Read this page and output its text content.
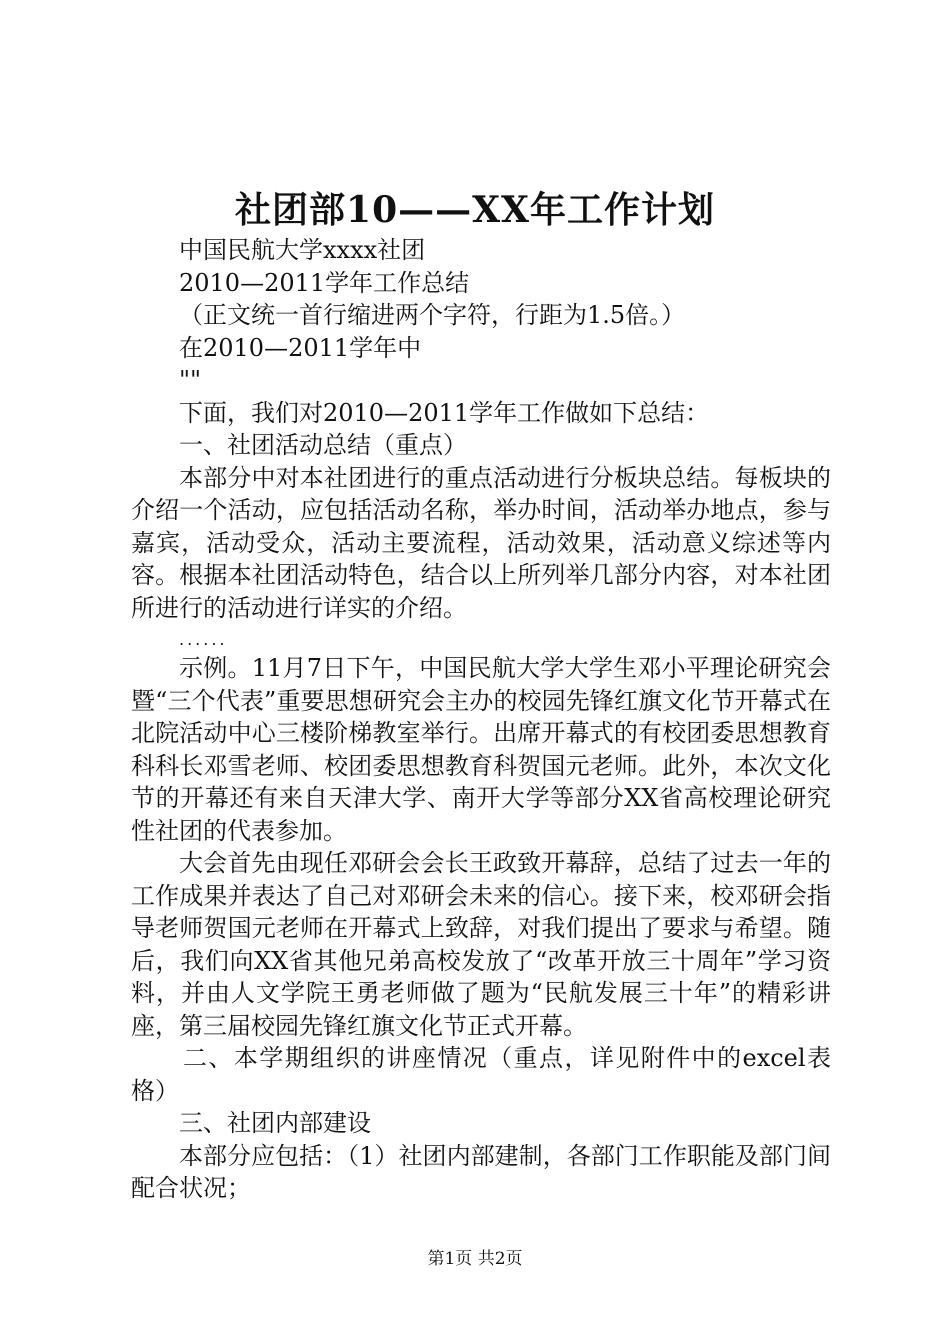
社团部10——XX年工作计划

中国民航大学xxxx社团

2010—2011学年工作总结

（正文统一首行缩进两个字符，行距为1.5倍。）

在2010—2011学年中

""

下面，我们对2010—2011学年工作做如下总结：

一、社团活动总结（重点）

本部分中对本社团进行的重点活动进行分板块总结。每板块的介绍一个活动，应包括活动名称，举办时间，活动举办地点，参与嘉宾，活动受众，活动主要流程，活动效果，活动意义综述等内容。根据本社团活动特色，结合以上所列举几部分内容，对本社团所进行的活动进行详实的介绍。

......

示例。11月7日下午，中国民航大学大学生邓小平理论研究会暨“三个代表”重要思想研究会主办的校园先锋红旗文化节开幕式在北院活动中心三楼阶梯教室举行。出席开幕式的有校团委思想教育科科长邓雪老师、校团委思想教育科贺国元老师。此外，本次文化节的开幕还有来自天津大学、南开大学等部分XX省高校理论研究性社团的代表参加。

大会首先由现任邓研会会长王政致开幕辞，总结了过去一年的工作成果并表达了自己对邓研会未来的信心。接下来，校邓研会指导老师贺国元老师在开幕式上致辞，对我们提出了要求与希望。随后，我们向XX省其他兄弟高校发放了“改革开放三十周年”学习资料，并由人文学院王勇老师做了题为“民航发展三十年”的精彩讲座，第三届校园先锋红旗文化节正式开幕。

二、本学期组织的讲座情况（重点，详见附件中的excel表格）

三、社团内部建设

本部分应包括：（1）社团内部建制，各部门工作职能及部门间配合状况；

第1页 共2页
